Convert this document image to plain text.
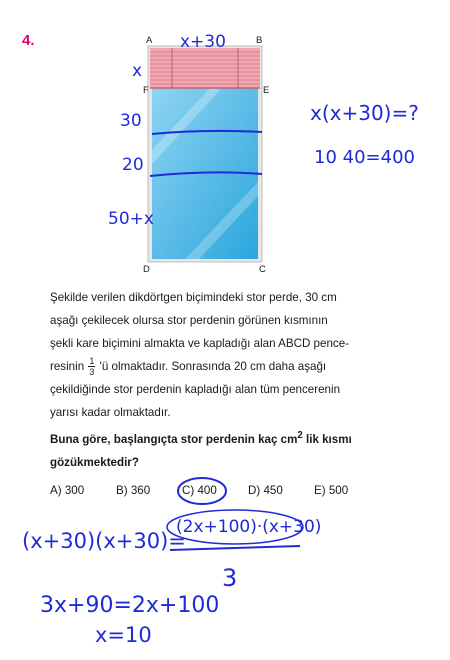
4.	A	B
F	E
D	C
x+30
x
30
20
50+x
x(x+30)=?
10 40=400

Şekilde verilen dikdörtgen biçimindeki stor perde, 30 cm

aşağı çekilecek olursa stor perdenin görünen kısmının

şekli kare biçimini almakta ve kapladığı alan ABCD pence-

resinin $\frac{1}{3}$ 'ü olmaktadır. Sonrasında 20 cm daha aşağı

çekildiğinde stor perdenin kapladığı alan tüm pencerenin

yarısı kadar olmaktadır.

Buna göre, başlangıçta stor perdenin kaç $cm^2$ lik kısmı

gözükmektedir?

A) 300	B) 360	C) 400	D) 450	E) 500
(x+30)(x+30)=
(2x+100)·(x+30)
3
3x+90=2x+100
x=10
